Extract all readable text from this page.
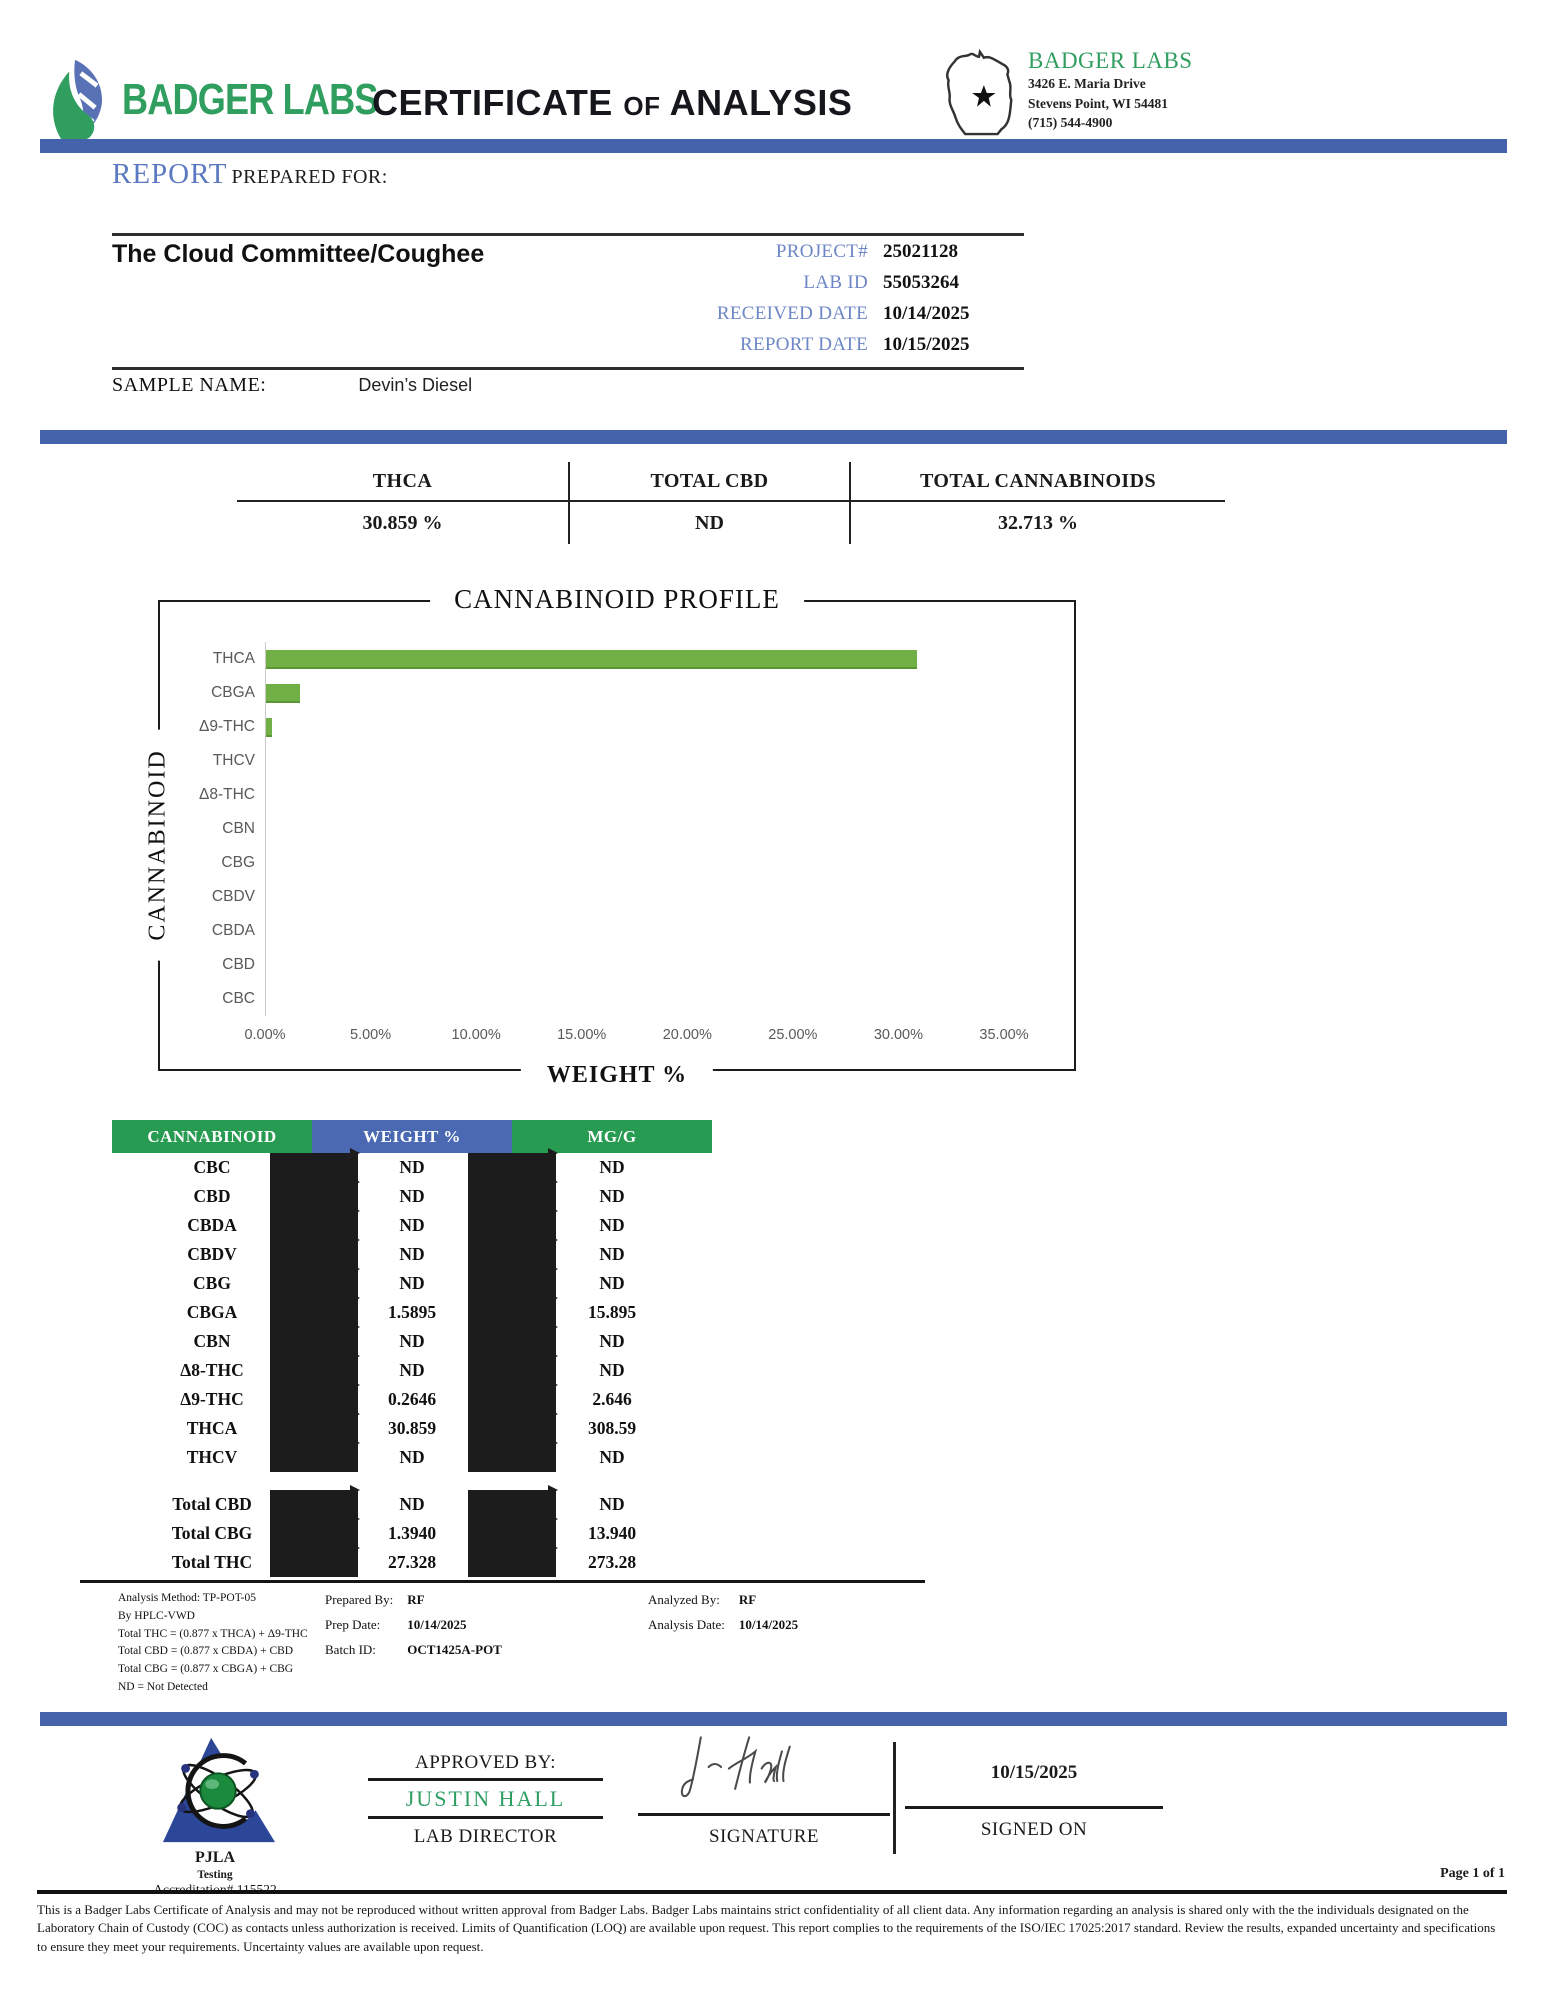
BADGER LABS
CERTIFICATE OF ANALYSIS
BADGER LABS
3426 E. Maria Drive
Stevens Point, WI 54481
(715) 544-4900
REPORT PREPARED FOR:
The Cloud Committee/Coughee	PROJECT# 25021128
LAB ID 55053264
RECEIVED DATE 10/14/2025
REPORT DATE 10/15/2025
SAMPLE NAME:	Devin’s Diesel
THCA
30.859 %
TOTAL CBD
ND
TOTAL CANNABINOIDS
32.713 %
CANNABINOID PROFILE
CANNABINOID
WEIGHT %
THCA
CBGA
Δ9-THC
THCV
Δ8-THC
CBN
CBG
CBDV
CBDA
CBD
CBC
0.00%	5.00%	10.00%	15.00%	20.00%	25.00%	30.00%	35.00%
CANNABINOID	WEIGHT %	MG/G
CBC	ND	ND
CBD	ND	ND
CBDA	ND	ND
CBDV	ND	ND
CBG	ND	ND
CBGA	1.5895	15.895
CBN	ND	ND
Δ8-THC	ND	ND
Δ9-THC	0.2646	2.646
THCA	30.859	308.59
THCV	ND	ND
Total CBD	ND	ND
Total CBG	1.3940	13.940
Total THC	27.328	273.28
Analysis Method: TP-POT-05
By HPLC-VWD
Total THC = (0.877 x THCA) + Δ9-THC
Total CBD = (0.877 x CBDA) + CBD
Total CBG = (0.877 x CBGA) + CBG
ND = Not Detected
Prepared By: RF
Prep Date:	10/14/2025
Batch ID:	OCT1425A-POT
Analyzed By:	RF
Analysis Date: 10/14/2025
PJLA
Testing
Accreditation# 115522
APPROVED BY:
JUSTIN HALL
LAB DIRECTOR	SIGNATURE
10/15/2025
SIGNED ON
Page 1 of 1
This is a Badger Labs Certificate of Analysis and may not be reproduced without written approval from Badger Labs. Badger Labs maintains strict confidentiality of all client data. Any information regarding an analysis is shared only with the the individuals designated on the Laboratory Chain of Custody (COC) as contacts unless authorization is received. Limits of Quantification (LOQ) are available upon request. This report complies to the requirements of the ISO/IEC 17025:2017 standard. Review the results, expanded uncertainty and specifications to ensure they meet your requirements. Uncertainty values are available upon request.
